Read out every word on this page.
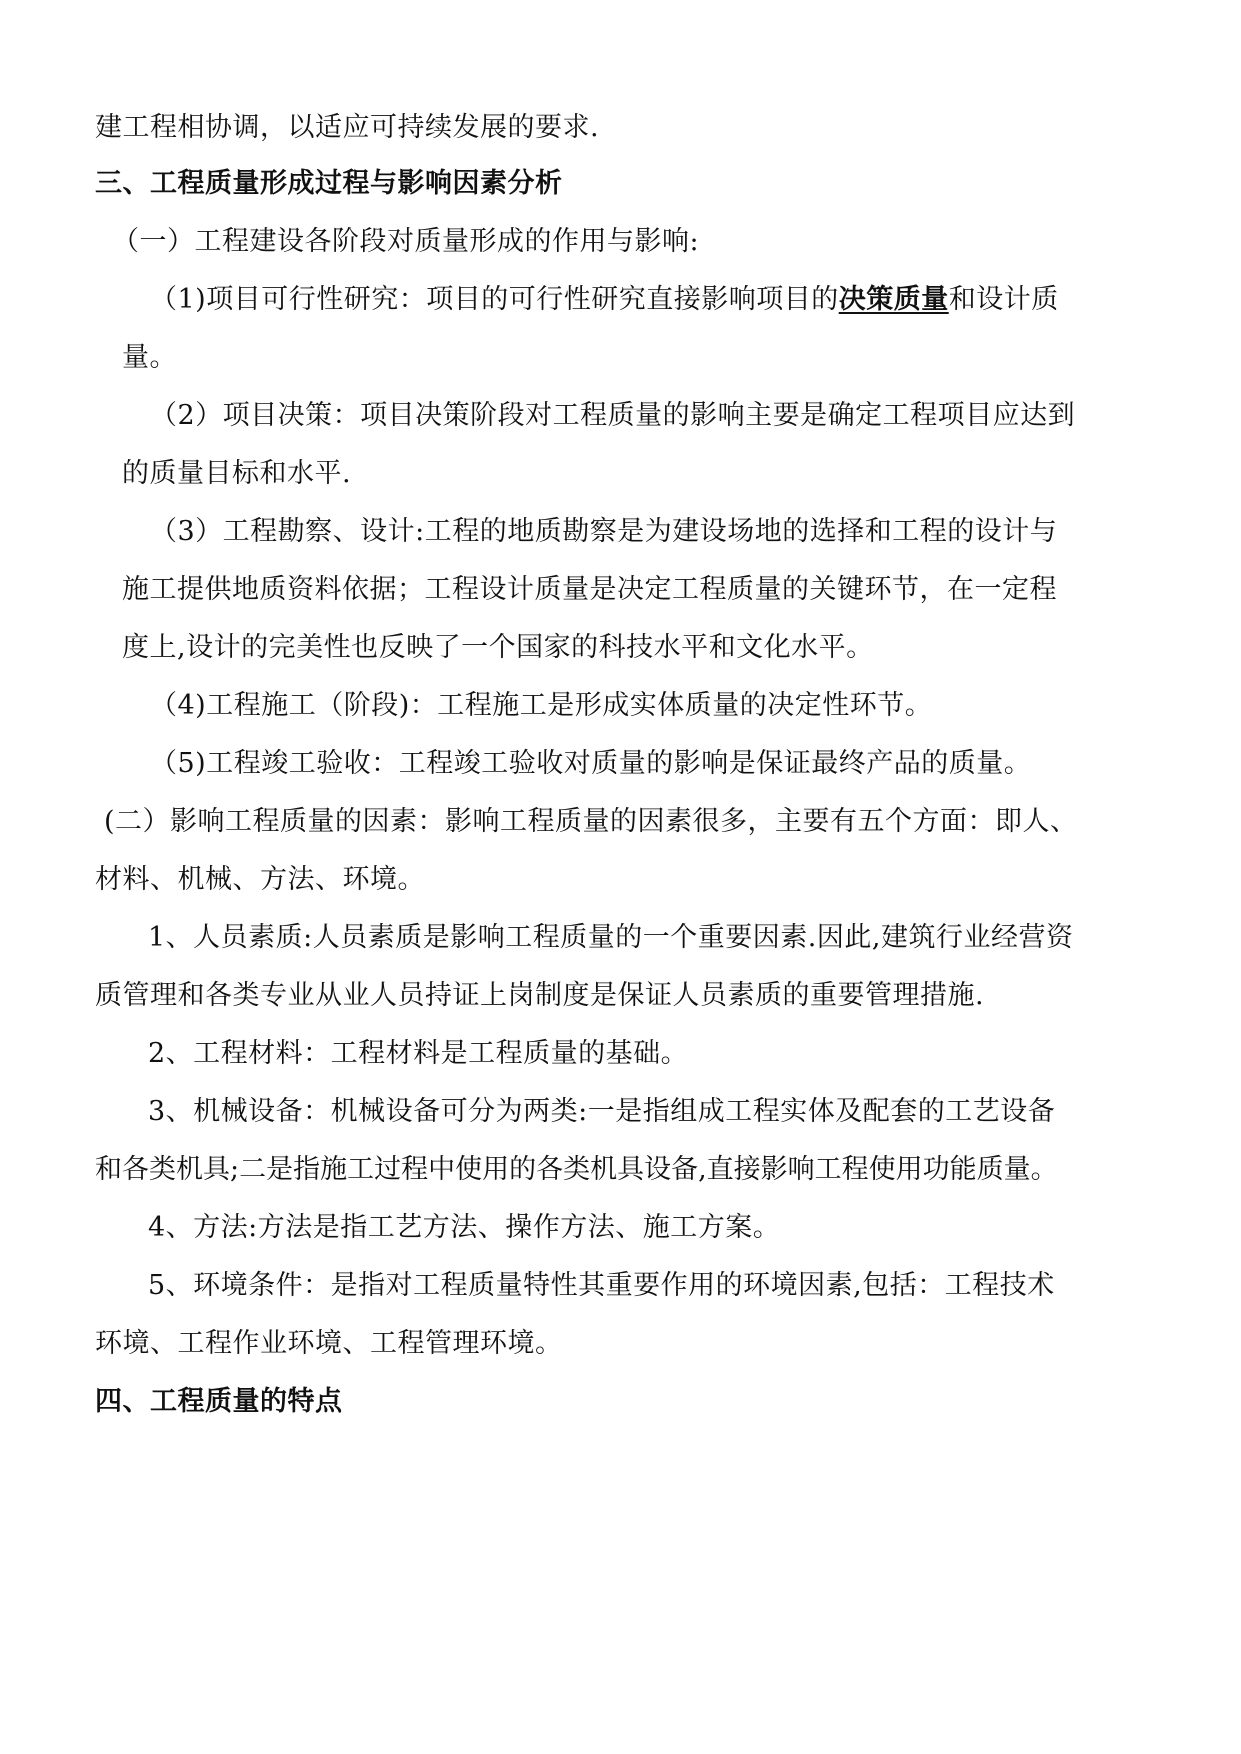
建工程相协调，以适应可持续发展的要求.
三、工程质量形成过程与影响因素分析
（一）工程建设各阶段对质量形成的作用与影响:
（1)项目可行性研究：项目的可行性研究直接影响项目的决策质量和设计质
量。
（2）项目决策：项目决策阶段对工程质量的影响主要是确定工程项目应达到
的质量目标和水平.
（3）工程勘察、设计:工程的地质勘察是为建设场地的选择和工程的设计与
施工提供地质资料依据；工程设计质量是决定工程质量的关键环节，在一定程
度上,设计的完美性也反映了一个国家的科技水平和文化水平。
（4)工程施工（阶段)：工程施工是形成实体质量的决定性环节。
（5)工程竣工验收：工程竣工验收对质量的影响是保证最终产品的质量。
(二）影响工程质量的因素：影响工程质量的因素很多，主要有五个方面：即人、
材料、机械、方法、环境。
1、人员素质:人员素质是影响工程质量的一个重要因素.因此,建筑行业经营资
质管理和各类专业从业人员持证上岗制度是保证人员素质的重要管理措施.
2、工程材料：工程材料是工程质量的基础。
3、机械设备：机械设备可分为两类:一是指组成工程实体及配套的工艺设备
和各类机具;二是指施工过程中使用的各类机具设备,直接影响工程使用功能质量。
4、方法:方法是指工艺方法、操作方法、施工方案。
5、环境条件：是指对工程质量特性其重要作用的环境因素,包括：工程技术
环境、工程作业环境、工程管理环境。
四、工程质量的特点
